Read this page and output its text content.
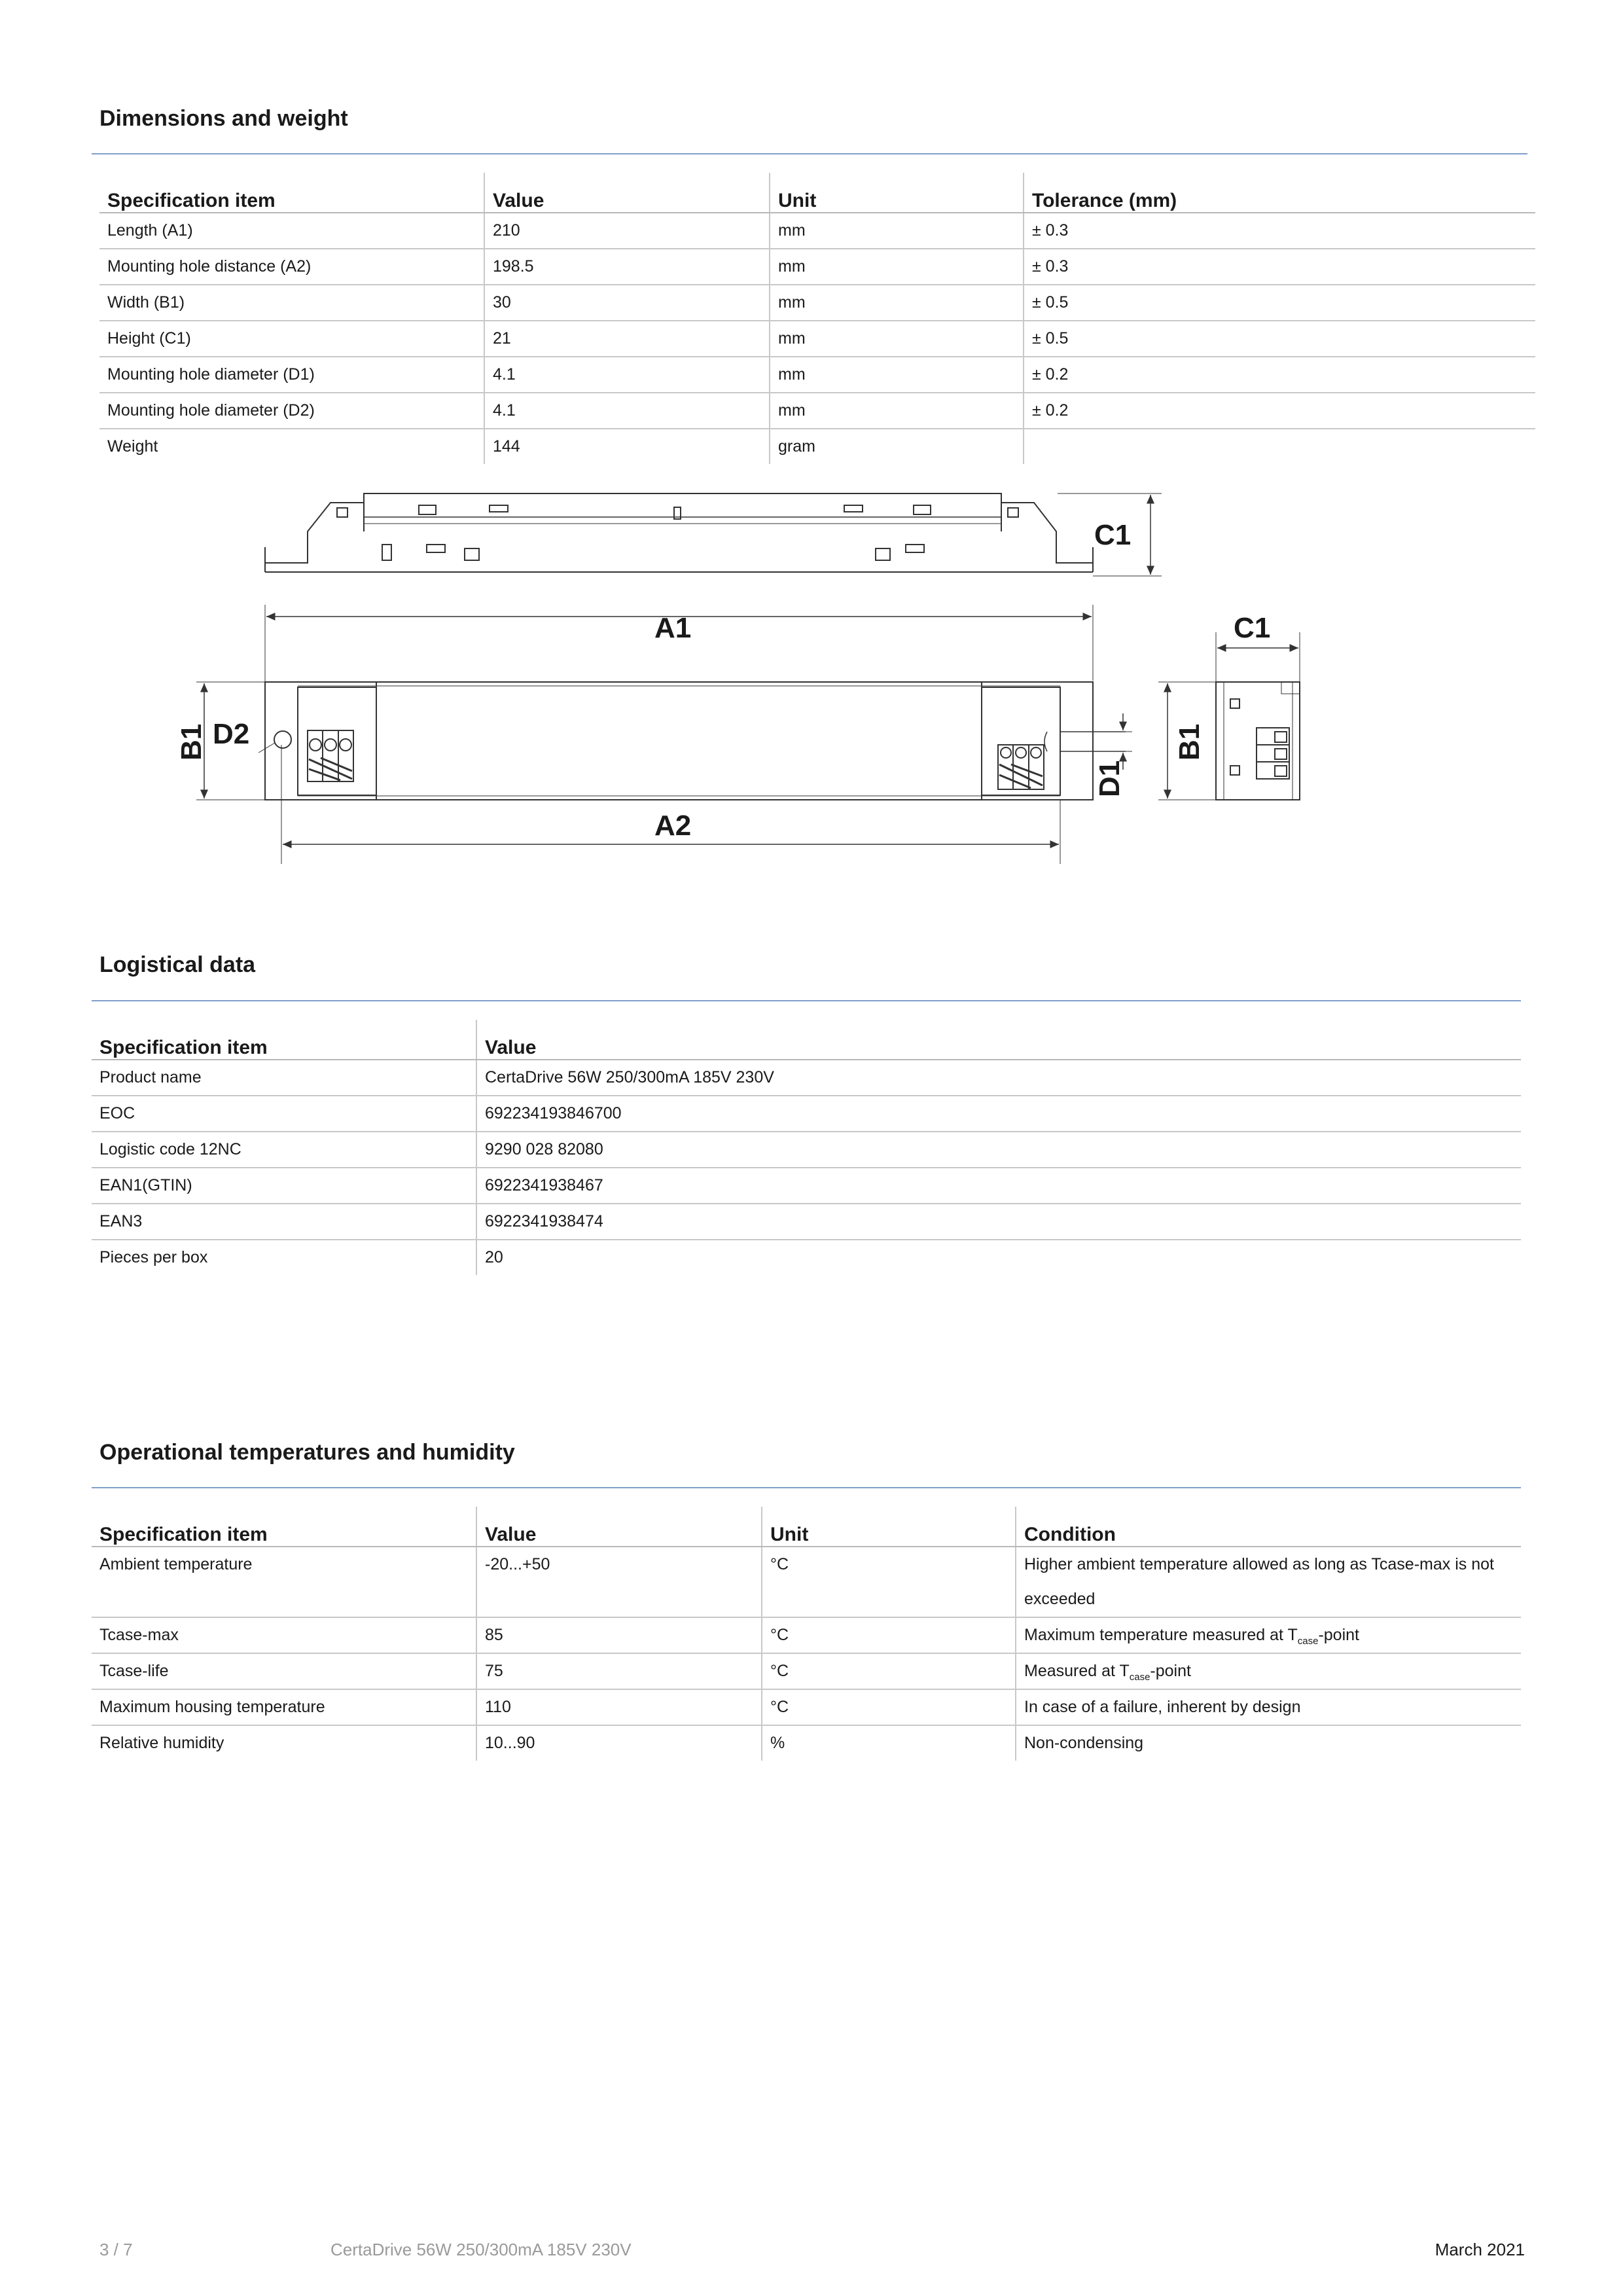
Dimensions and weight
Specification item	Value	Unit	Tolerance (mm)
Length (A1)	210	mm	± 0.3
Mounting hole distance (A2)	198.5	mm	± 0.3
Width (B1)	30	mm	± 0.5
Height (C1)	21	mm	± 0.5
Mounting hole diameter (D1)	4.1	mm	± 0.2
Mounting hole diameter (D2)	4.1	mm	± 0.2
Weight	144	gram	
C1
A1
A2
C1
D2
B1
D1
B1
Logistical data
Specification item	Value
Product name	CertaDrive 56W 250/300mA 185V 230V
EOC	692234193846700
Logistic code 12NC	9290 028 82080
EAN1(GTIN)	6922341938467
EAN3	6922341938474
Pieces per box	20
Operational temperatures and humidity
Specification item	Value	Unit	Condition
Ambient temperature	-20...+50	°C	Higher ambient temperature allowed as long as Tcase-max is not exceeded
Tcase-max	85	°C	Maximum temperature measured at $T_{case}$-point
Tcase-life	75	°C	Measured at $T_{case}$-point
Maximum housing temperature	110	°C	In case of a failure, inherent by design
Relative humidity	10...90	%	Non-condensing
3 / 7	CertaDrive 56W 250/300mA 185V 230V	March 2021
